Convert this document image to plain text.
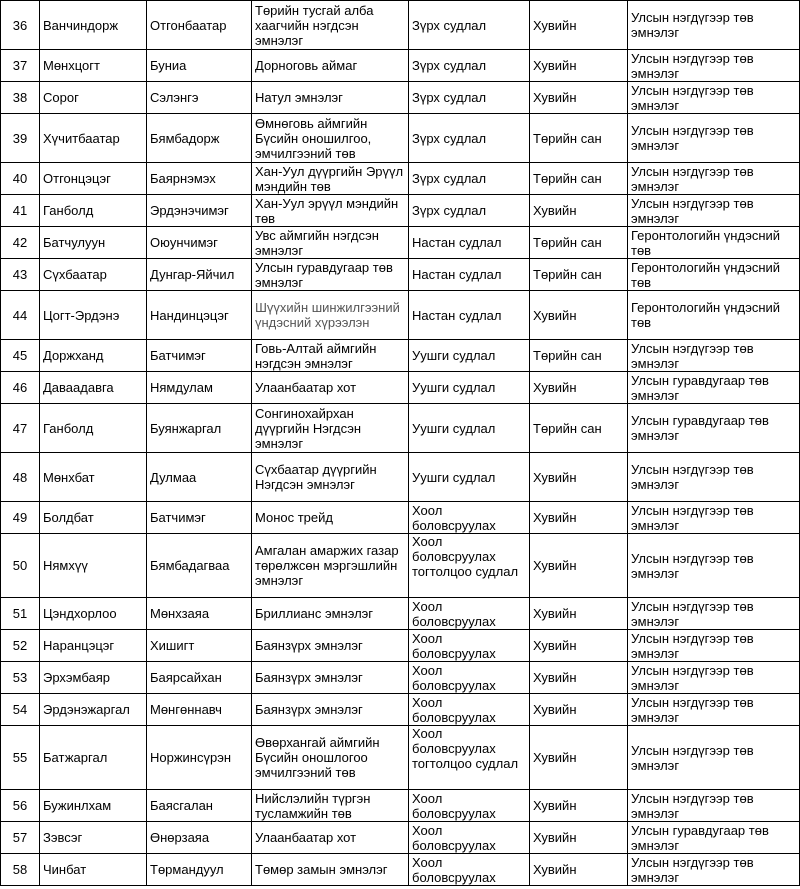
36	Ванчиндорж	Отгонбаатар	Төрийн тусгай алба хаагчийн нэгдсэн эмнэлэг	Зүрх судлал	Хувийн	Улсын нэгдүгээр төв эмнэлэг
37	Мөнхцогт	Буниа	Дорноговь аймаг	Зүрх судлал	Хувийн	Улсын нэгдүгээр төв эмнэлэг
38	Сорог	Сэлэнгэ	Натул эмнэлэг	Зүрх судлал	Хувийн	Улсын нэгдүгээр төв эмнэлэг
39	Хүчитбаатар	Бямбадорж	Өмнөговь аймгийн Бүсийн оношилгоо, эмчилгээний төв	Зүрх судлал	Төрийн сан	Улсын нэгдүгээр төв эмнэлэг
40	Отгонцэцэг	Баярнэмэх	Хан-Уул дүүргийн Эрүүл мэндийн төв	Зүрх судлал	Төрийн сан	Улсын нэгдүгээр төв эмнэлэг
41	Ганболд	Эрдэнэчимэг	Хан-Уул эрүүл мэндийн төв	Зүрх судлал	Хувийн	Улсын нэгдүгээр төв эмнэлэг
42	Батчулуун	Оюунчимэг	Увс аймгийн нэгдсэн эмнэлэг	Настан судлал	Төрийн сан	Геронтологийн үндэсний төв
43	Сүхбаатар	Дунгар-Яйчил	Улсын гуравдугаар төв эмнэлэг	Настан судлал	Төрийн сан	Геронтологийн үндэсний төв
44	Цогт-Эрдэнэ	Нандинцэцэг	Шүүхийн шинжилгээний үндэсний хүрээлэн	Настан судлал	Хувийн	Геронтологийн үндэсний төв
45	Доржханд	Батчимэг	Говь-Алтай аймгийн нэгдсэн эмнэлэг	Уушги судлал	Төрийн сан	Улсын нэгдүгээр төв эмнэлэг
46	Даваадавга	Нямдулам	Улаанбаатар хот	Уушги судлал	Хувийн	Улсын гуравдугаар төв эмнэлэг
47	Ганболд	Буянжаргал	Сонгинохайрхан дүүргийн Нэгдсэн эмнэлэг	Уушги судлал	Төрийн сан	Улсын гуравдугаар төв эмнэлэг
48	Мөнхбат	Дулмаа	Сүхбаатар дүүргийн Нэгдсэн эмнэлэг	Уушги судлал	Хувийн	Улсын нэгдүгээр төв эмнэлэг
49	Болдбат	Батчимэг	Монос трейд	Хоол боловсруулах	Хувийн	Улсын нэгдүгээр төв эмнэлэг
50	Нямхүү	Бямбадагваа	Амгалан амаржих газар төрөлжсөн мэргэшлийн эмнэлэг	Хоол боловсруулах тогтолцоо судлал	Хувийн	Улсын нэгдүгээр төв эмнэлэг
51	Цэндхорлоо	Мөнхзаяа	Бриллианс эмнэлэг	Хоол боловсруулах	Хувийн	Улсын нэгдүгээр төв эмнэлэг
52	Наранцэцэг	Хишигт	Баянзүрх эмнэлэг	Хоол боловсруулах	Хувийн	Улсын нэгдүгээр төв эмнэлэг
53	Эрхэмбаяр	Баярсайхан	Баянзүрх эмнэлэг	Хоол боловсруулах	Хувийн	Улсын нэгдүгээр төв эмнэлэг
54	Эрдэнэжаргал	Мөнгөннавч	Баянзүрх эмнэлэг	Хоол боловсруулах	Хувийн	Улсын нэгдүгээр төв эмнэлэг
55	Батжаргал	Норжинсүрэн	Өвөрхангай аймгийн Бүсийн оношлогоо эмчилгээний төв	Хоол боловсруулах тогтолцоо судлал	Хувийн	Улсын нэгдүгээр төв эмнэлэг
56	Бужинлхам	Баясгалан	Нийслэлийн түргэн тусламжийн төв	Хоол боловсруулах	Хувийн	Улсын нэгдүгээр төв эмнэлэг
57	Зэвсэг	Өнөрзаяа	Улаанбаатар хот	Хоол боловсруулах	Хувийн	Улсын гуравдугаар төв эмнэлэг
58	Чинбат	Төрмандуул	Төмөр замын эмнэлэг	Хоол боловсруулах	Хувийн	Улсын нэгдүгээр төв эмнэлэг
